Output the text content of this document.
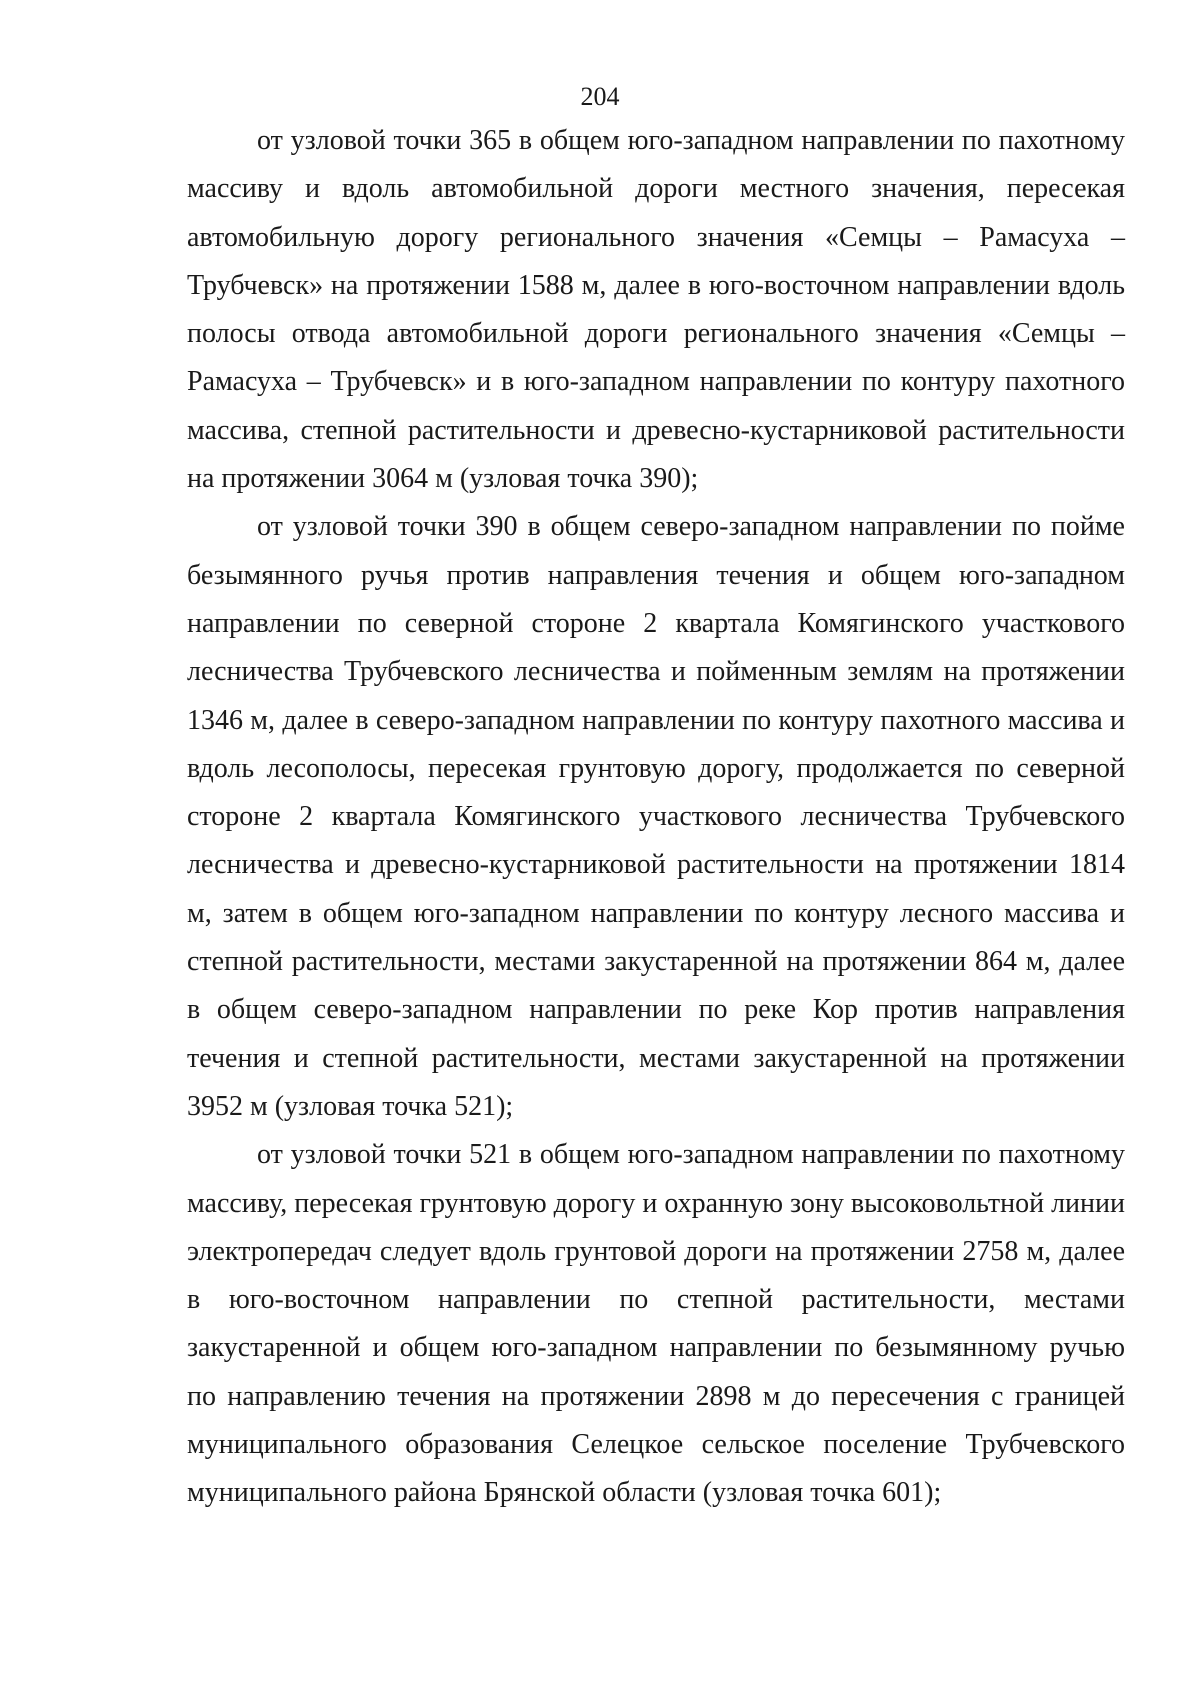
204

от узловой точки 365 в общем юго-западном направлении по пахотному массиву и вдоль автомобильной дороги местного значения, пересекая автомобильную дорогу регионального значения «Семцы – Рамасуха – Трубчевск» на протяжении 1588 м, далее в юго-восточном направлении вдоль полосы отвода автомобильной дороги регионального значения «Семцы – Рамасуха – Трубчевск» и в юго-западном направлении по контуру пахотного массива, степной растительности и древесно-кустарниковой растительности на протяжении 3064 м (узловая точка 390);

от узловой точки 390 в общем северо-западном направлении по пойме безымянного ручья против направления течения и общем юго-западном направлении по северной стороне 2 квартала Комягинского участкового лесничества Трубчевского лесничества и пойменным землям на протяжении 1346 м, далее в северо-западном направлении по контуру пахотного массива и вдоль лесополосы, пересекая грунтовую дорогу, продолжается по северной стороне 2 квартала Комягинского участкового лесничества Трубчевского лесничества и древесно-кустарниковой растительности на протяжении 1814 м, затем в общем юго-западном направлении по контуру лесного массива и степной растительности, местами закустаренной на протяжении 864 м, далее в общем северо-западном направлении по реке Кор против направления течения и степной растительности, местами закустаренной на протяжении 3952 м (узловая точка 521);

от узловой точки 521 в общем юго-западном направлении по пахотному массиву, пересекая грунтовую дорогу и охранную зону высоковольтной линии электропередач следует вдоль грунтовой дороги на протяжении 2758 м, далее в юго-восточном направлении по степной растительности, местами закустаренной и общем юго-западном направлении по безымянному ручью по направлению течения на протяжении 2898 м до пересечения с границей муниципального образования Селецкое сельское поселение Трубчевского муниципального района Брянской области (узловая точка 601);
